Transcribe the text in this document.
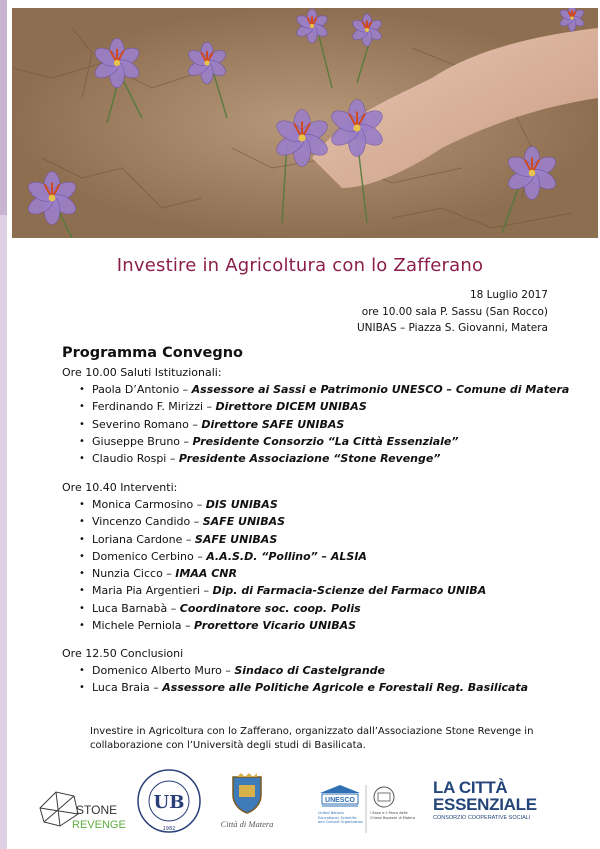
Investire in Agricoltura con lo Zafferano
18 Luglio 2017
ore 10.00 sala P. Sassu (San Rocco)
UNIBAS – Piazza S. Giovanni, Matera
Programma Convegno
Ore 10.00 Saluti Istituzionali:
• Paola D’Antonio – Assessore ai Sassi e Patrimonio UNESCO – Comune di Matera
• Ferdinando F. Mirizzi – Direttore DICEM UNIBAS
• Severino Romano – Direttore SAFE UNIBAS
• Giuseppe Bruno – Presidente Consorzio “La Città Essenziale”
• Claudio Rospi – Presidente Associazione “Stone Revenge”
Ore 10.40 Interventi:
• Monica Carmosino – DIS UNIBAS
• Vincenzo Candido – SAFE UNIBAS
• Loriana Cardone – SAFE UNIBAS
• Domenico Cerbino – A.A.S.D. “Pollino” – ALSIA
• Nunzia Cicco – IMAA CNR
• Maria Pia Argentieri – Dip. di Farmacia-Scienze del Farmaco UNIBA
• Luca Barnabà – Coordinatore soc. coop. Polis
• Michele Perniola – Prorettore Vicario UNIBAS
Ore 12.50 Conclusioni
• Domenico Alberto Muro – Sindaco di Castelgrande
• Luca Braia – Assessore alle Politiche Agricole e Forestali Reg. Basilicata
Investire in Agricoltura con lo Zafferano, organizzato dall’Associazione Stone Revenge in collaborazione con l’Università degli studi di Basilicata.
STONE
REVENGE
UB
1982	Città di Matera
UNESCO
United Nations Educational, Scientific and Cultural Organization
I Sassi e il Parco delle Chiese Rupestri di Matera
LA CITTÀ
ESSENZIALE
CONSORZIO COOPERATIVE SOCIALI
